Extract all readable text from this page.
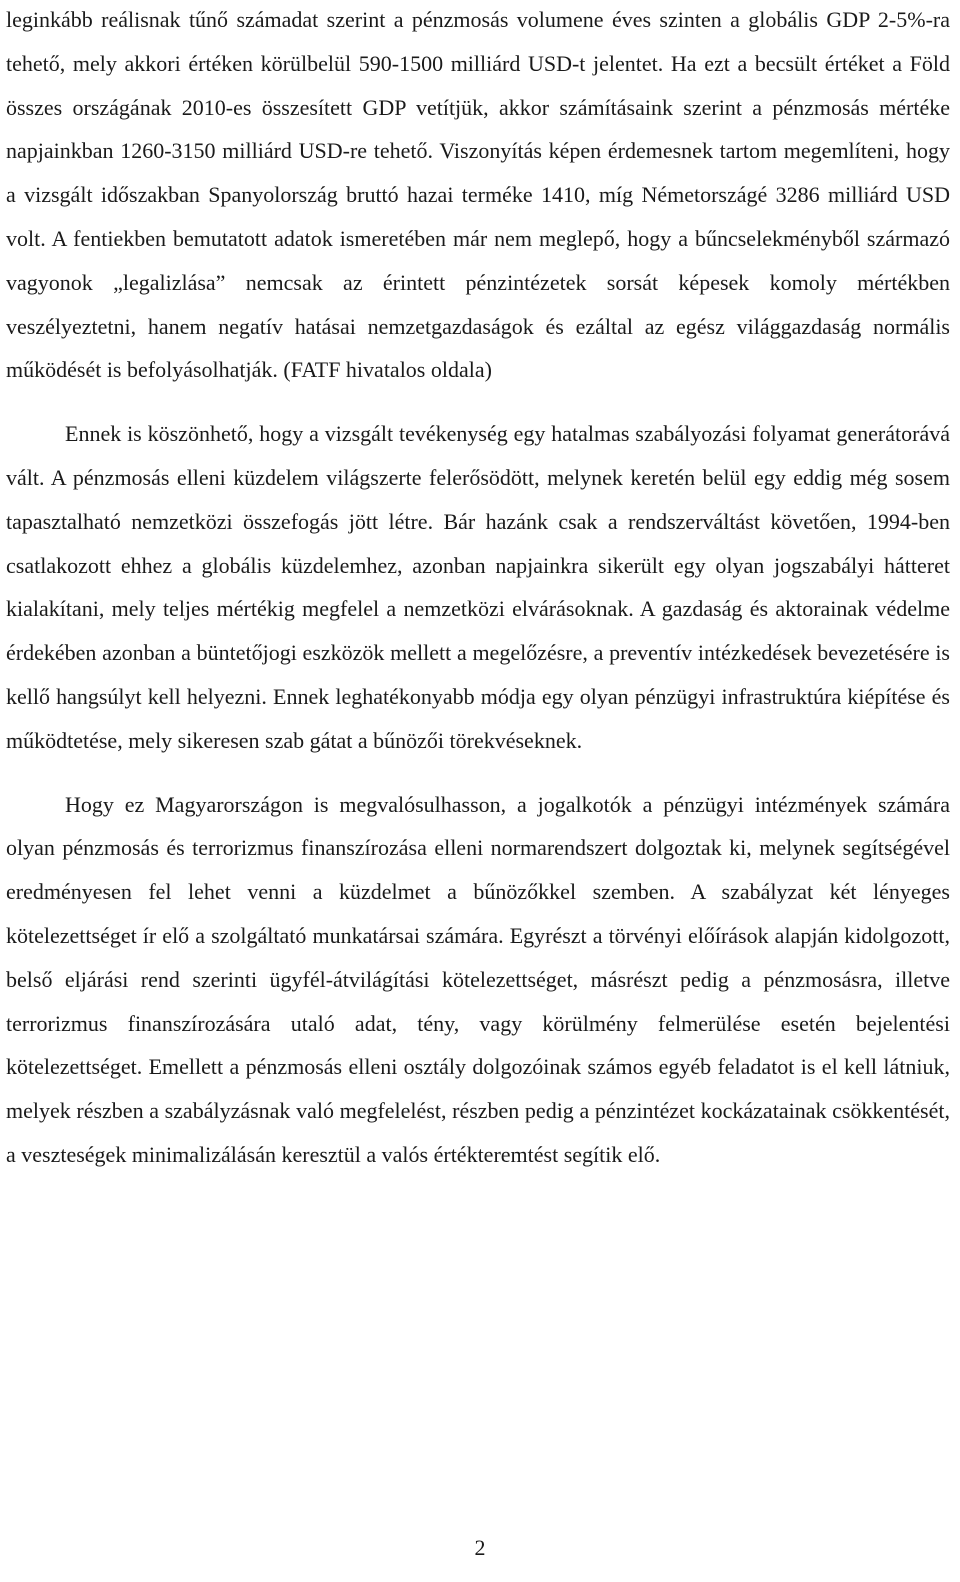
leginkább reálisnak tűnő számadat szerint a pénzmosás volumene éves szinten a globális GDP 2-5%-ra tehető, mely akkori értéken körülbelül 590-1500 milliárd USD-t jelentet. Ha ezt a becsült értéket a Föld összes országának 2010-es összesített GDP vetítjük, akkor számításaink szerint a pénzmosás mértéke napjainkban 1260-3150 milliárd USD-re tehető. Viszonyítás képen érdemesnek tartom megemlíteni, hogy a vizsgált időszakban Spanyolország bruttó hazai terméke 1410, míg Németországé 3286 milliárd USD volt. A fentiekben bemutatott adatok ismeretében már nem meglepő, hogy a bűncselekményből származó vagyonok „legalizlása” nemcsak az érintett pénzintézetek sorsát képesek komoly mértékben veszélyeztetni, hanem negatív hatásai nemzetgazdaságok és ezáltal az egész világgazdaság normális működését is befolyásolhatják. (FATF hivatalos oldala)

Ennek is köszönhető, hogy a vizsgált tevékenység egy hatalmas szabályozási folyamat generátorává vált. A pénzmosás elleni küzdelem világszerte felerősödött, melynek keretén belül egy eddig még sosem tapasztalható nemzetközi összefogás jött létre. Bár hazánk csak a rendszerváltást követően, 1994-ben csatlakozott ehhez a globális küzdelemhez, azonban napjainkra sikerült egy olyan jogszabályi hátteret kialakítani, mely teljes mértékig megfelel a nemzetközi elvárásoknak. A gazdaság és aktorainak védelme érdekében azonban a büntetőjogi eszközök mellett a megelőzésre, a preventív intézkedések bevezetésére is kellő hangsúlyt kell helyezni. Ennek leghatékonyabb módja egy olyan pénzügyi infrastruktúra kiépítése és működtetése, mely sikeresen szab gátat a bűnözői törekvéseknek.

Hogy ez Magyarországon is megvalósulhasson, a jogalkotók a pénzügyi intézmények számára olyan pénzmosás és terrorizmus finanszírozása elleni normarendszert dolgoztak ki, melynek segítségével eredményesen fel lehet venni a küzdelmet a bűnözőkkel szemben. A szabályzat két lényeges kötelezettséget ír elő a szolgáltató munkatársai számára. Egyrészt a törvényi előírások alapján kidolgozott, belső eljárási rend szerinti ügyfél-átvilágítási kötelezettséget, másrészt pedig a pénzmosásra, illetve terrorizmus finanszírozására utaló adat, tény, vagy körülmény felmerülése esetén bejelentési kötelezettséget. Emellett a pénzmosás elleni osztály dolgozóinak számos egyéb feladatot is el kell látniuk, melyek részben a szabályzásnak való megfelelést, részben pedig a pénzintézet kockázatainak csökkentését, a veszteségek minimalizálásán keresztül a valós értékteremtést segítik elő.

2
